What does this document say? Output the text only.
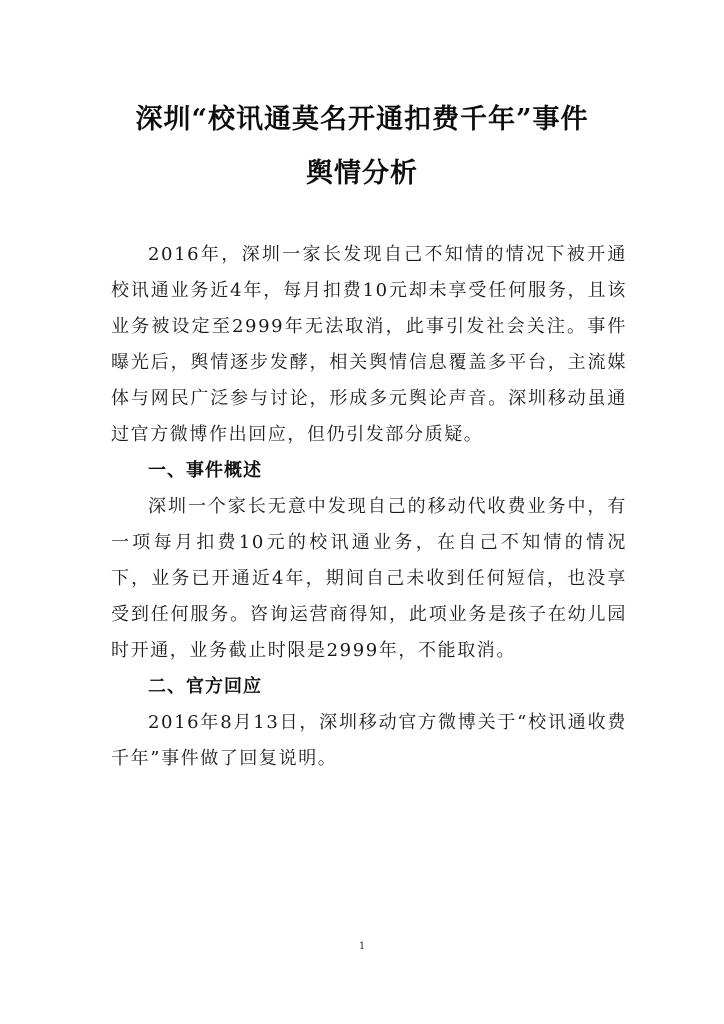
深圳“校讯通莫名开通扣费千年”事件
舆情分析

2016年，深圳一家长发现自己不知情的情况下被开通校讯通业务近4年，每月扣费10元却未享受任何服务，且该业务被设定至2999年无法取消，此事引发社会关注。事件曝光后，舆情逐步发酵，相关舆情信息覆盖多平台，主流媒体与网民广泛参与讨论，形成多元舆论声音。深圳移动虽通过官方微博作出回应，但仍引发部分质疑。

一、事件概述

深圳一个家长无意中发现自己的移动代收费业务中，有一项每月扣费10元的校讯通业务，在自己不知情的情况下，业务已开通近4年，期间自己未收到任何短信，也没享受到任何服务。咨询运营商得知，此项业务是孩子在幼儿园时开通，业务截止时限是2999年，不能取消。

二、官方回应

2016年8月13日，深圳移动官方微博关于“校讯通收费千年”事件做了回复说明。

1
